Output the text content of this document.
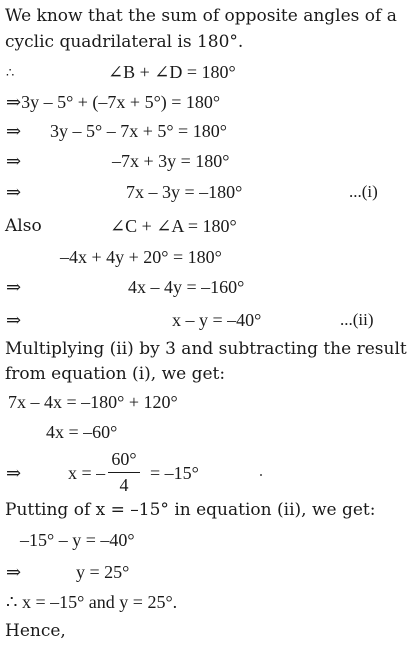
We know that the sum of opposite angles of a
cyclic quadrilateral is 180°.
∴	∠B + ∠D = 180°
⇒3y – 5° + (–7x + 5°) = 180°
⇒ 3y – 5° – 7x + 5° = 180°
⇒	–7x + 3y = 180°
⇒	7x – 3y = –180°	...(i)
Also	∠C + ∠A = 180°
–4x + 4y + 20° = 180°
⇒	4x – 4y = –160°
⇒	x – y = –40°	...(ii)
Multiplying (ii) by 3 and subtracting the result
from equation (i), we get:
7x – 4x = –180° + 120°
4x = –60°
⇒	x = –
60°
4
= –15°
Putting of x = –15° in equation (ii), we get:
–15° – y = –40°
⇒	y = 25°
∴ x = –15° and y = 25°.
Hence,
